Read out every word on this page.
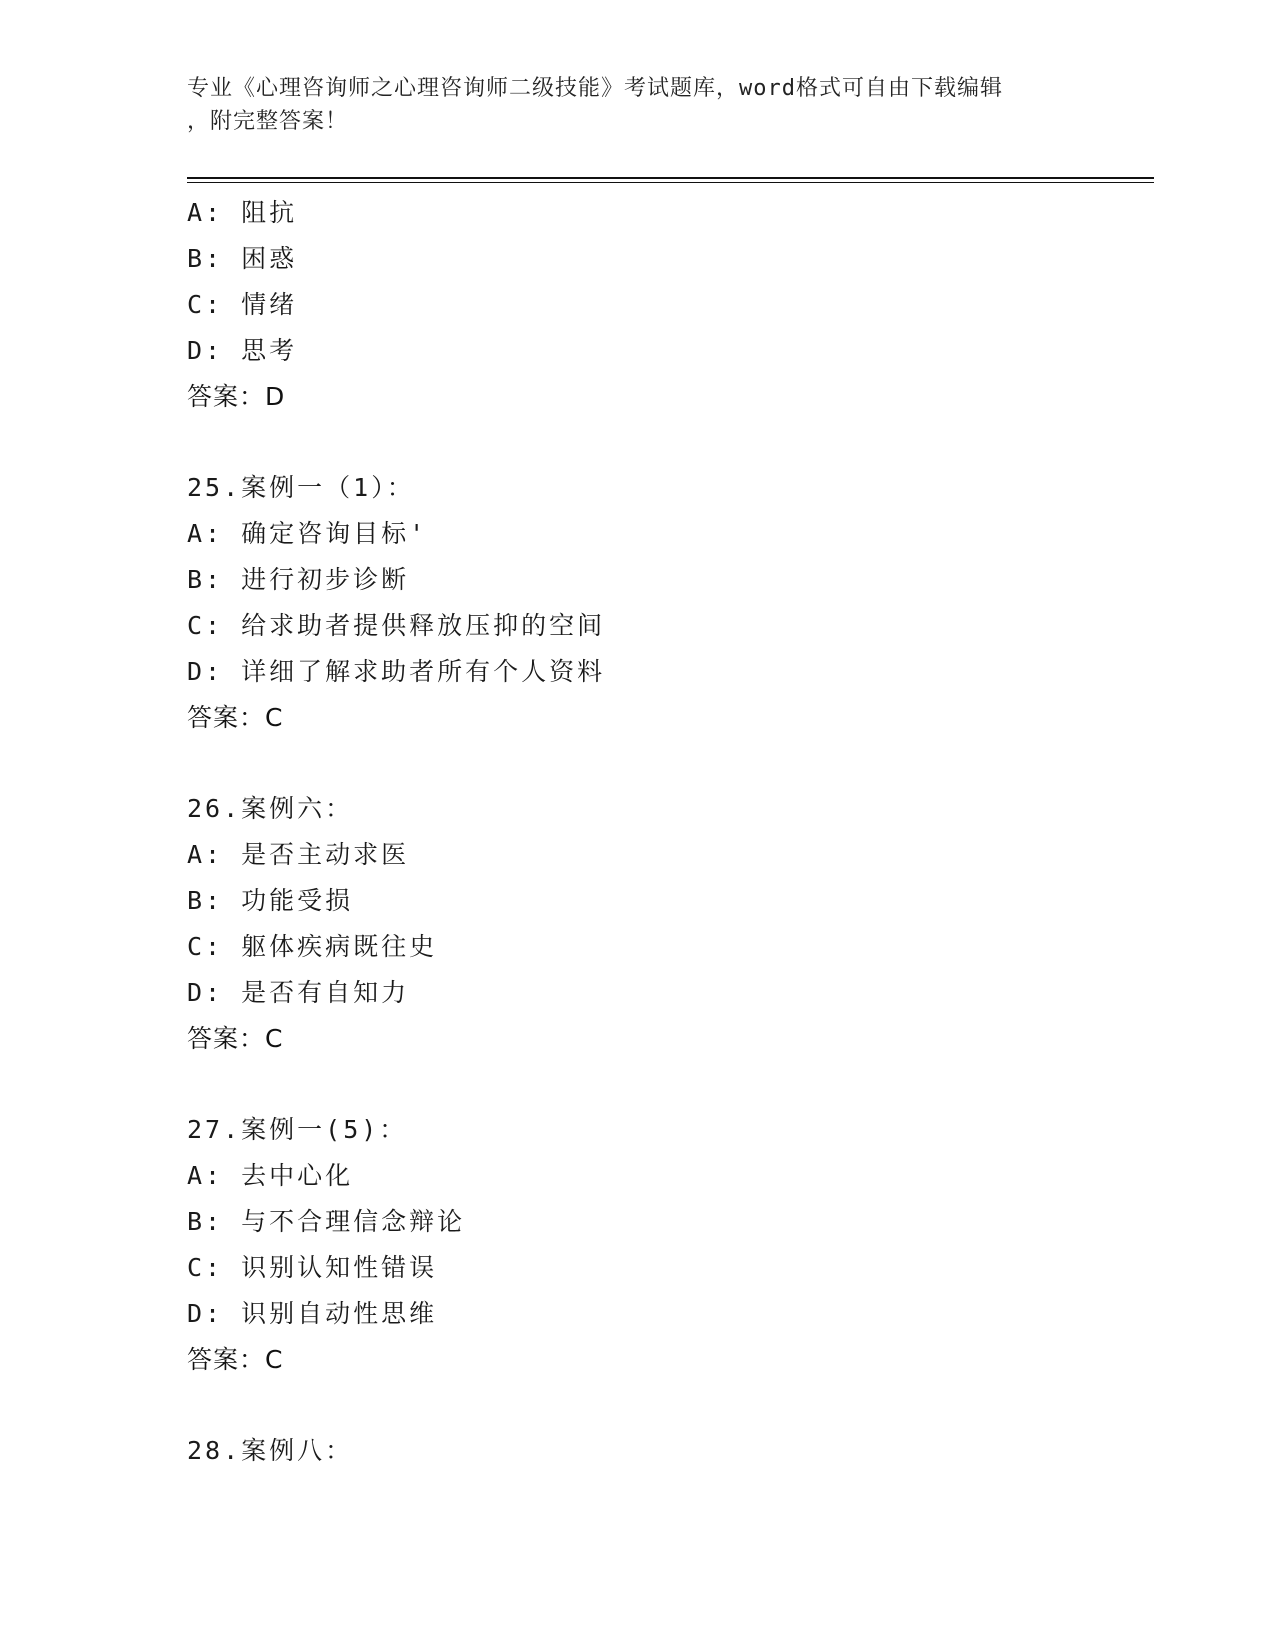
专业《心理咨询师之心理咨询师二级技能》考试题库，word格式可自由下载编辑
，附完整答案！
A: 阻抗
B: 困惑
C: 情绪
D: 思考
答案：D
25.案例一（1）：
A: 确定咨询目标'
B: 进行初步诊断
C: 给求助者提供释放压抑的空间
D: 详细了解求助者所有个人资料
答案：C
26.案例六：
A: 是否主动求医
B: 功能受损
C: 躯体疾病既往史
D: 是否有自知力
答案：C
27.案例一(5)：
A: 去中心化
B: 与不合理信念辩论
C: 识别认知性错误
D: 识别自动性思维
答案：C
28.案例八：
